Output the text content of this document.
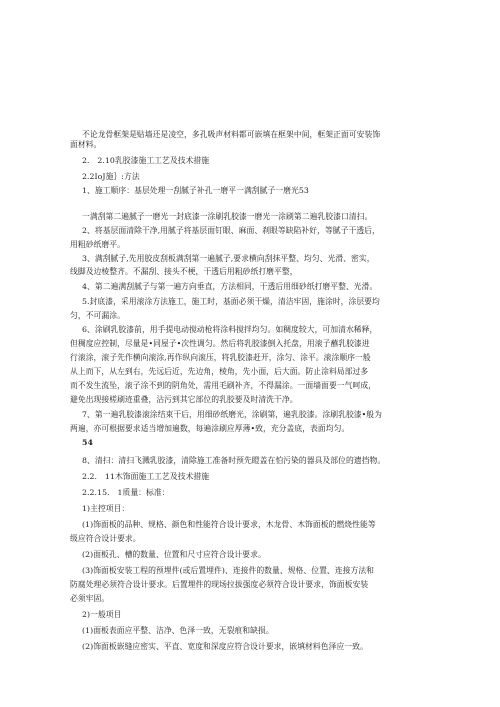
不论龙骨框架是贴墙还是凌空，多孔吸声材料都可嵌填在框架中间，框架正面可安装饰
面材料。
2.　2.10乳胶漆施工工艺及技术措施
2.2IoJ施｝:方法
1、施工顺序：基层处理一刮腻子补孔一磨平一满刮腻子一磨光53
一满刮第二遍腻子一磨光一封底漆一涂刷乳胶漆一磨光一涂刷第二遍乳胶漆口清扫。
2、将基层面清除干净,用腻子将基层面钉眼、麻面、刹眼等缺陷补好，等腻子干透后，
用粗砂纸磨平。
3、满刮腻子,先用胶皮刮板满刮第一遍腻子,要求横向刮抹平整、均匀、光滑、密实，
线脚及边棱整齐。不漏刮、接头不梗，干透后用粗砂纸打磨平整，
4、第二遍满刮腻子与第一遍方向垂直，方法相同，干透后用细砂纸打磨平整、光滑。
5.封底漆，采用滚涂方法施工，施工时，基面必须干燥，清洁牢固，施涂时，涂层要均
匀，不可漏涂。
6、涂刷乳胶漆前，用手提电动搅动枪将涂料搅拌均匀。如稠度较大，可加清水稀释，
但稠度应控制，尽量是•同屋子•次性调匀。然后将乳胶漆倒入托盘，用滚子蘸乳胶漆进
行滚涂，滚子先作横向滚涂,再作纵向滚压，将乳胶漆赶开，涂匀、涂平。滚涂顺序一般
从上而下，从左到右，先远后近，先边角，棱角，先小面，后大面。防止涂料局部过多
而不发生流坠，滚子涂不到的阴角处，需用毛刷补齐，不得漏涂。一面墙面要一气呵成，
避免出现接槎刷迹重叠，沾污到其它部位的乳胶要及时清洗干净。
7、第一遍乳胶漆滚涂结束干后，用细砂纸磨光，涂刷第，遍乳胶漆。涂刷乳胶漆•般为
两遍，亦可根据要求适当增加遍数，每遍涂刷应厚薄•致，充分盖底，表面均匀。
54
8、清扫：清扫飞溅乳胶漆，清除施工准备时预先瞪盖在怕污染的器具及部位的遗挡物。
2.2.　11木饰面施工工艺及技术措施
2.2.15.　1质量：标准：
1)主控项目：
(1)饰面板的品种、规格、颜色和性能符合设计要求，木龙骨、木饰面板的燃烧性能等
级应符合设计要求。
(2)面板孔、槽的数量、位置和尺寸应符合设计要求。
(3)饰面板安装工程的预埋件(或后置埋件)、连接件的数量、规格、位置、连接方法和
防腐处理必须符合设计要求。后置埋件的现场拉拔强度必须符合设计要求，饰面板安装
必须牢固。
2)一般项目
(1)面板表面应平整、洁净、色泽一致，无裂痕和缺损。
(2)饰面板嵌缝应密实、平直、宽度和深度应符合设计要求，嵌填材料色泽应一致。
